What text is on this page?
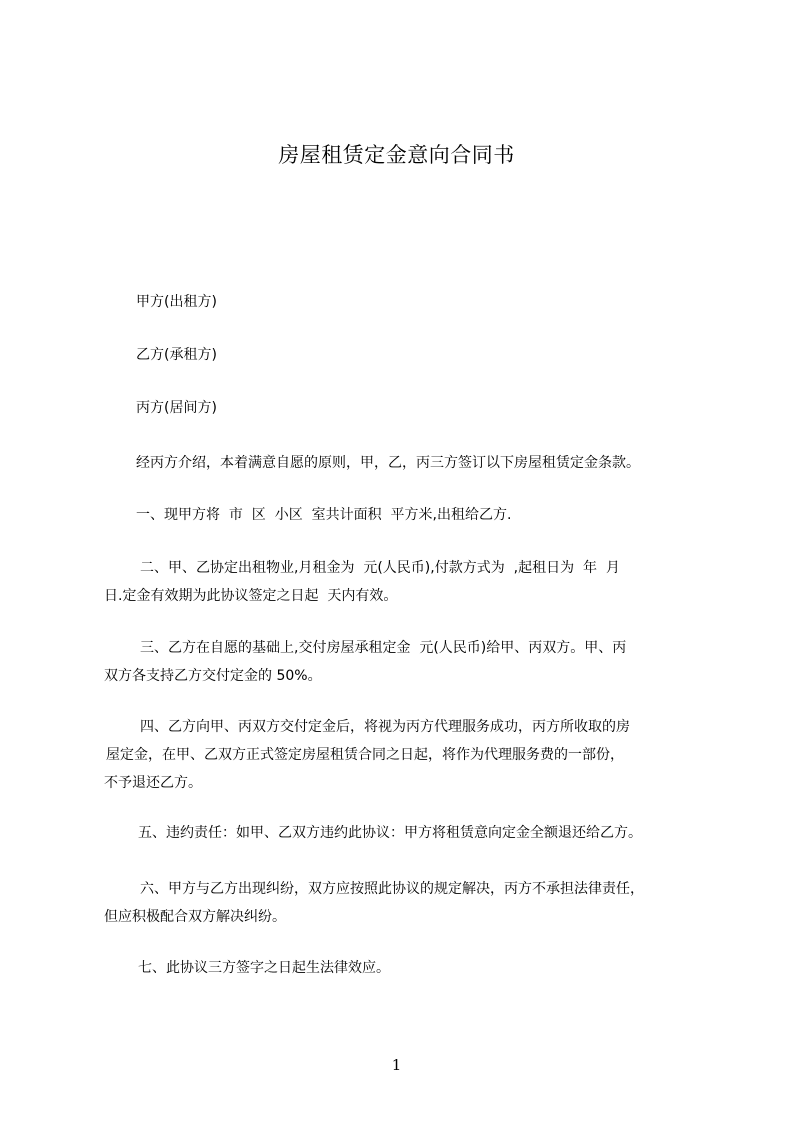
房屋租赁定金意向合同书
甲方(出租方)
乙方(承租方)
丙方(居间方)
经丙方介绍，本着满意自愿的原则，甲，乙，丙三方签订以下房屋租赁定金条款。
一、现甲方将  市  区  小区  室共计面积  平方米,出租给乙方.
二、甲、乙协定出租物业,月租金为  元(人民币),付款方式为  ,起租日为  年  月
日.定金有效期为此协议签定之日起  天内有效。
三、乙方在自愿的基础上,交付房屋承租定金  元(人民币)给甲、丙双方。甲、丙
双方各支持乙方交付定金的 50%。
四、乙方向甲、丙双方交付定金后，将视为丙方代理服务成功，丙方所收取的房
屋定金，在甲、乙双方正式签定房屋租赁合同之日起，将作为代理服务费的一部份，
不予退还乙方。
五、违约责任：如甲、乙双方违约此协议：甲方将租赁意向定金全额退还给乙方。
六、甲方与乙方出现纠纷，双方应按照此协议的规定解决，丙方不承担法律责任，
但应积极配合双方解决纠纷。
七、此协议三方签字之日起生法律效应。
1
